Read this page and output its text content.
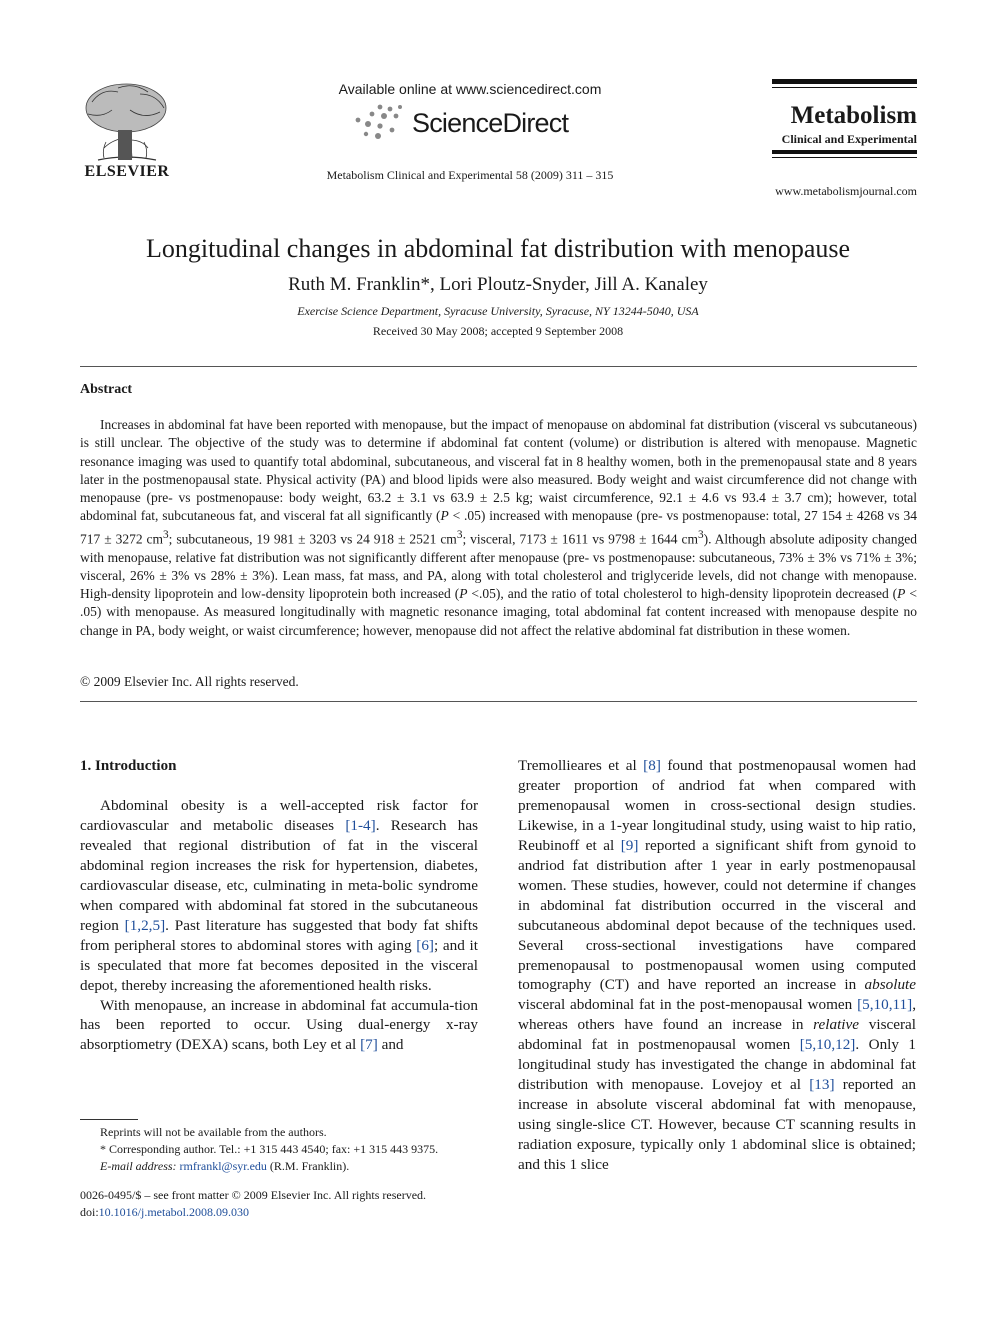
ELSEVIER
Available online at www.sciencedirect.com
ScienceDirect
Metabolism Clinical and Experimental 58 (2009) 311 – 315
Metabolism
Clinical and Experimental
www.metabolismjournal.com
Longitudinal changes in abdominal fat distribution with menopause
Ruth M. Franklin*, Lori Ploutz-Snyder, Jill A. Kanaley
Exercise Science Department, Syracuse University, Syracuse, NY 13244-5040, USA
Received 30 May 2008; accepted 9 September 2008
Abstract
Increases in abdominal fat have been reported with menopause, but the impact of menopause on abdominal fat distribution (visceral vs subcutaneous) is still unclear. The objective of the study was to determine if abdominal fat content (volume) or distribution is altered with menopause. Magnetic resonance imaging was used to quantify total abdominal, subcutaneous, and visceral fat in 8 healthy women, both in the premenopausal state and 8 years later in the postmenopausal state. Physical activity (PA) and blood lipids were also measured. Body weight and waist circumference did not change with menopause (pre- vs postmenopause: body weight, 63.2 ± 3.1 vs 63.9 ± 2.5 kg; waist circumference, 92.1 ± 4.6 vs 93.4 ± 3.7 cm); however, total abdominal fat, subcutaneous fat, and visceral fat all significantly (P < .05) increased with menopause (pre- vs postmenopause: total, 27 154 ± 4268 vs 34 717 ± 3272 $cm^3$; subcutaneous, 19 981 ± 3203 vs 24 918 ± 2521 $cm^3$; visceral, 7173 ± 1611 vs 9798 ± 1644 $cm^3$). Although absolute adiposity changed with menopause, relative fat distribution was not significantly different after menopause (pre- vs postmenopause: subcutaneous, 73% ± 3% vs 71% ± 3%; visceral, 26% ± 3% vs 28% ± 3%). Lean mass, fat mass, and PA, along with total cholesterol and triglyceride levels, did not change with menopause. High-density lipoprotein and low-density lipoprotein both increased (P <.05), and the ratio of total cholesterol to high-density lipoprotein decreased (P < .05) with menopause. As measured longitudinally with magnetic resonance imaging, total abdominal fat content increased with menopause despite no change in PA, body weight, or waist circumference; however, menopause did not affect the relative abdominal fat distribution in these women.
© 2009 Elsevier Inc. All rights reserved.
1. Introduction

Abdominal obesity is a well-accepted risk factor for cardiovascular and metabolic diseases [1-4]. Research has revealed that regional distribution of fat in the visceral abdominal region increases the risk for hypertension, diabetes, cardiovascular disease, etc, culminating in meta-bolic syndrome when compared with abdominal fat stored in the subcutaneous region [1,2,5]. Past literature has suggested that body fat shifts from peripheral stores to abdominal stores with aging [6]; and it is speculated that more fat becomes deposited in the visceral depot, thereby increasing the aforementioned health risks.

With menopause, an increase in abdominal fat accumula-tion has been reported to occur. Using dual-energy x-ray absorptiometry (DEXA) scans, both Ley et al [7] and

Tremollieares et al [8] found that postmenopausal women had greater proportion of andriod fat when compared with premenopausal women in cross-sectional design studies. Likewise, in a 1-year longitudinal study, using waist to hip ratio, Reubinoff et al [9] reported a significant shift from gynoid to andriod fat distribution after 1 year in early postmenopausal women. These studies, however, could not determine if changes in abdominal fat distribution occurred in the visceral and subcutaneous abdominal depot because of the techniques used. Several cross-sectional investigations have compared premenopausal to postmenopausal women using computed tomography (CT) and have reported an increase in absolute visceral abdominal fat in the post-menopausal women [5,10,11], whereas others have found an increase in relative visceral abdominal fat in postmenopausal women [5,10,12]. Only 1 longitudinal study has investigated the change in abdominal fat distribution with menopause. Lovejoy et al [13] reported an increase in absolute visceral abdominal fat with menopause, using single-slice CT. However, because CT scanning results in radiation exposure, typically only 1 abdominal slice is obtained; and this 1 slice

Reprints will not be available from the authors.
* Corresponding author. Tel.: +1 315 443 4540; fax: +1 315 443 9375.
E-mail address: rmfrankl@syr.edu (R.M. Franklin).
0026-0495/$ – see front matter © 2009 Elsevier Inc. All rights reserved.
doi:10.1016/j.metabol.2008.09.030
